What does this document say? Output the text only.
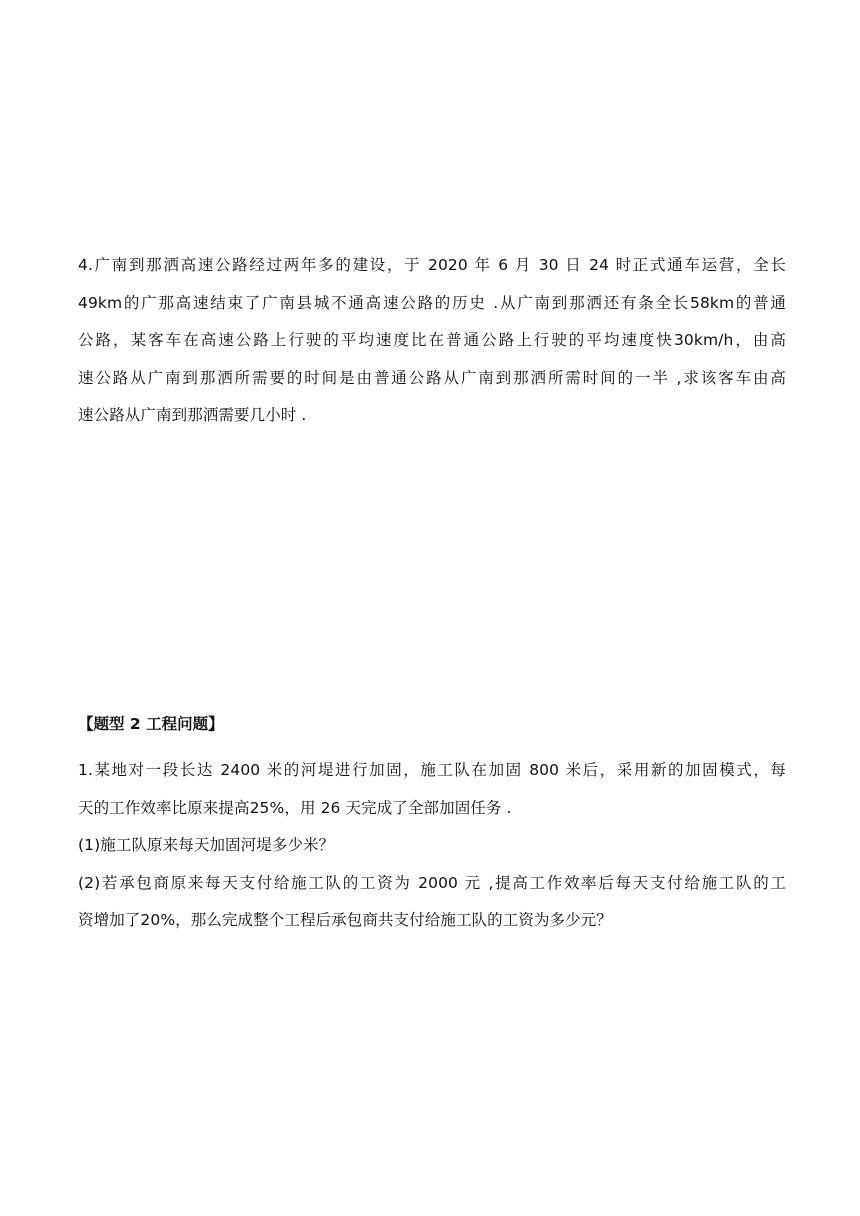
4.广南到那洒高速公路经过两年多的建设，于 2020 年 6 月 30 日 24 时正式通车运营，全长
49km的广那高速结束了广南县城不通高速公路的历史 .从广南到那洒还有条全长58km的普通
公路，某客车在高速公路上行驶的平均速度比在普通公路上行驶的平均速度快30km/h，由高
速公路从广南到那洒所需要的时间是由普通公路从广南到那洒所需时间的一半 ,求该客车由高
速公路从广南到那洒需要几小时 .
【题型 2 工程问题】
1.某地对一段长达 2400 米的河堤进行加固，施工队在加固 800 米后，采用新的加固模式，每
天的工作效率比原来提高25%，用 26 天完成了全部加固任务 .
(1)施工队原来每天加固河堤多少米？
(2)若承包商原来每天支付给施工队的工资为 2000 元 ,提高工作效率后每天支付给施工队的工
资增加了20%，那么完成整个工程后承包商共支付给施工队的工资为多少元？
